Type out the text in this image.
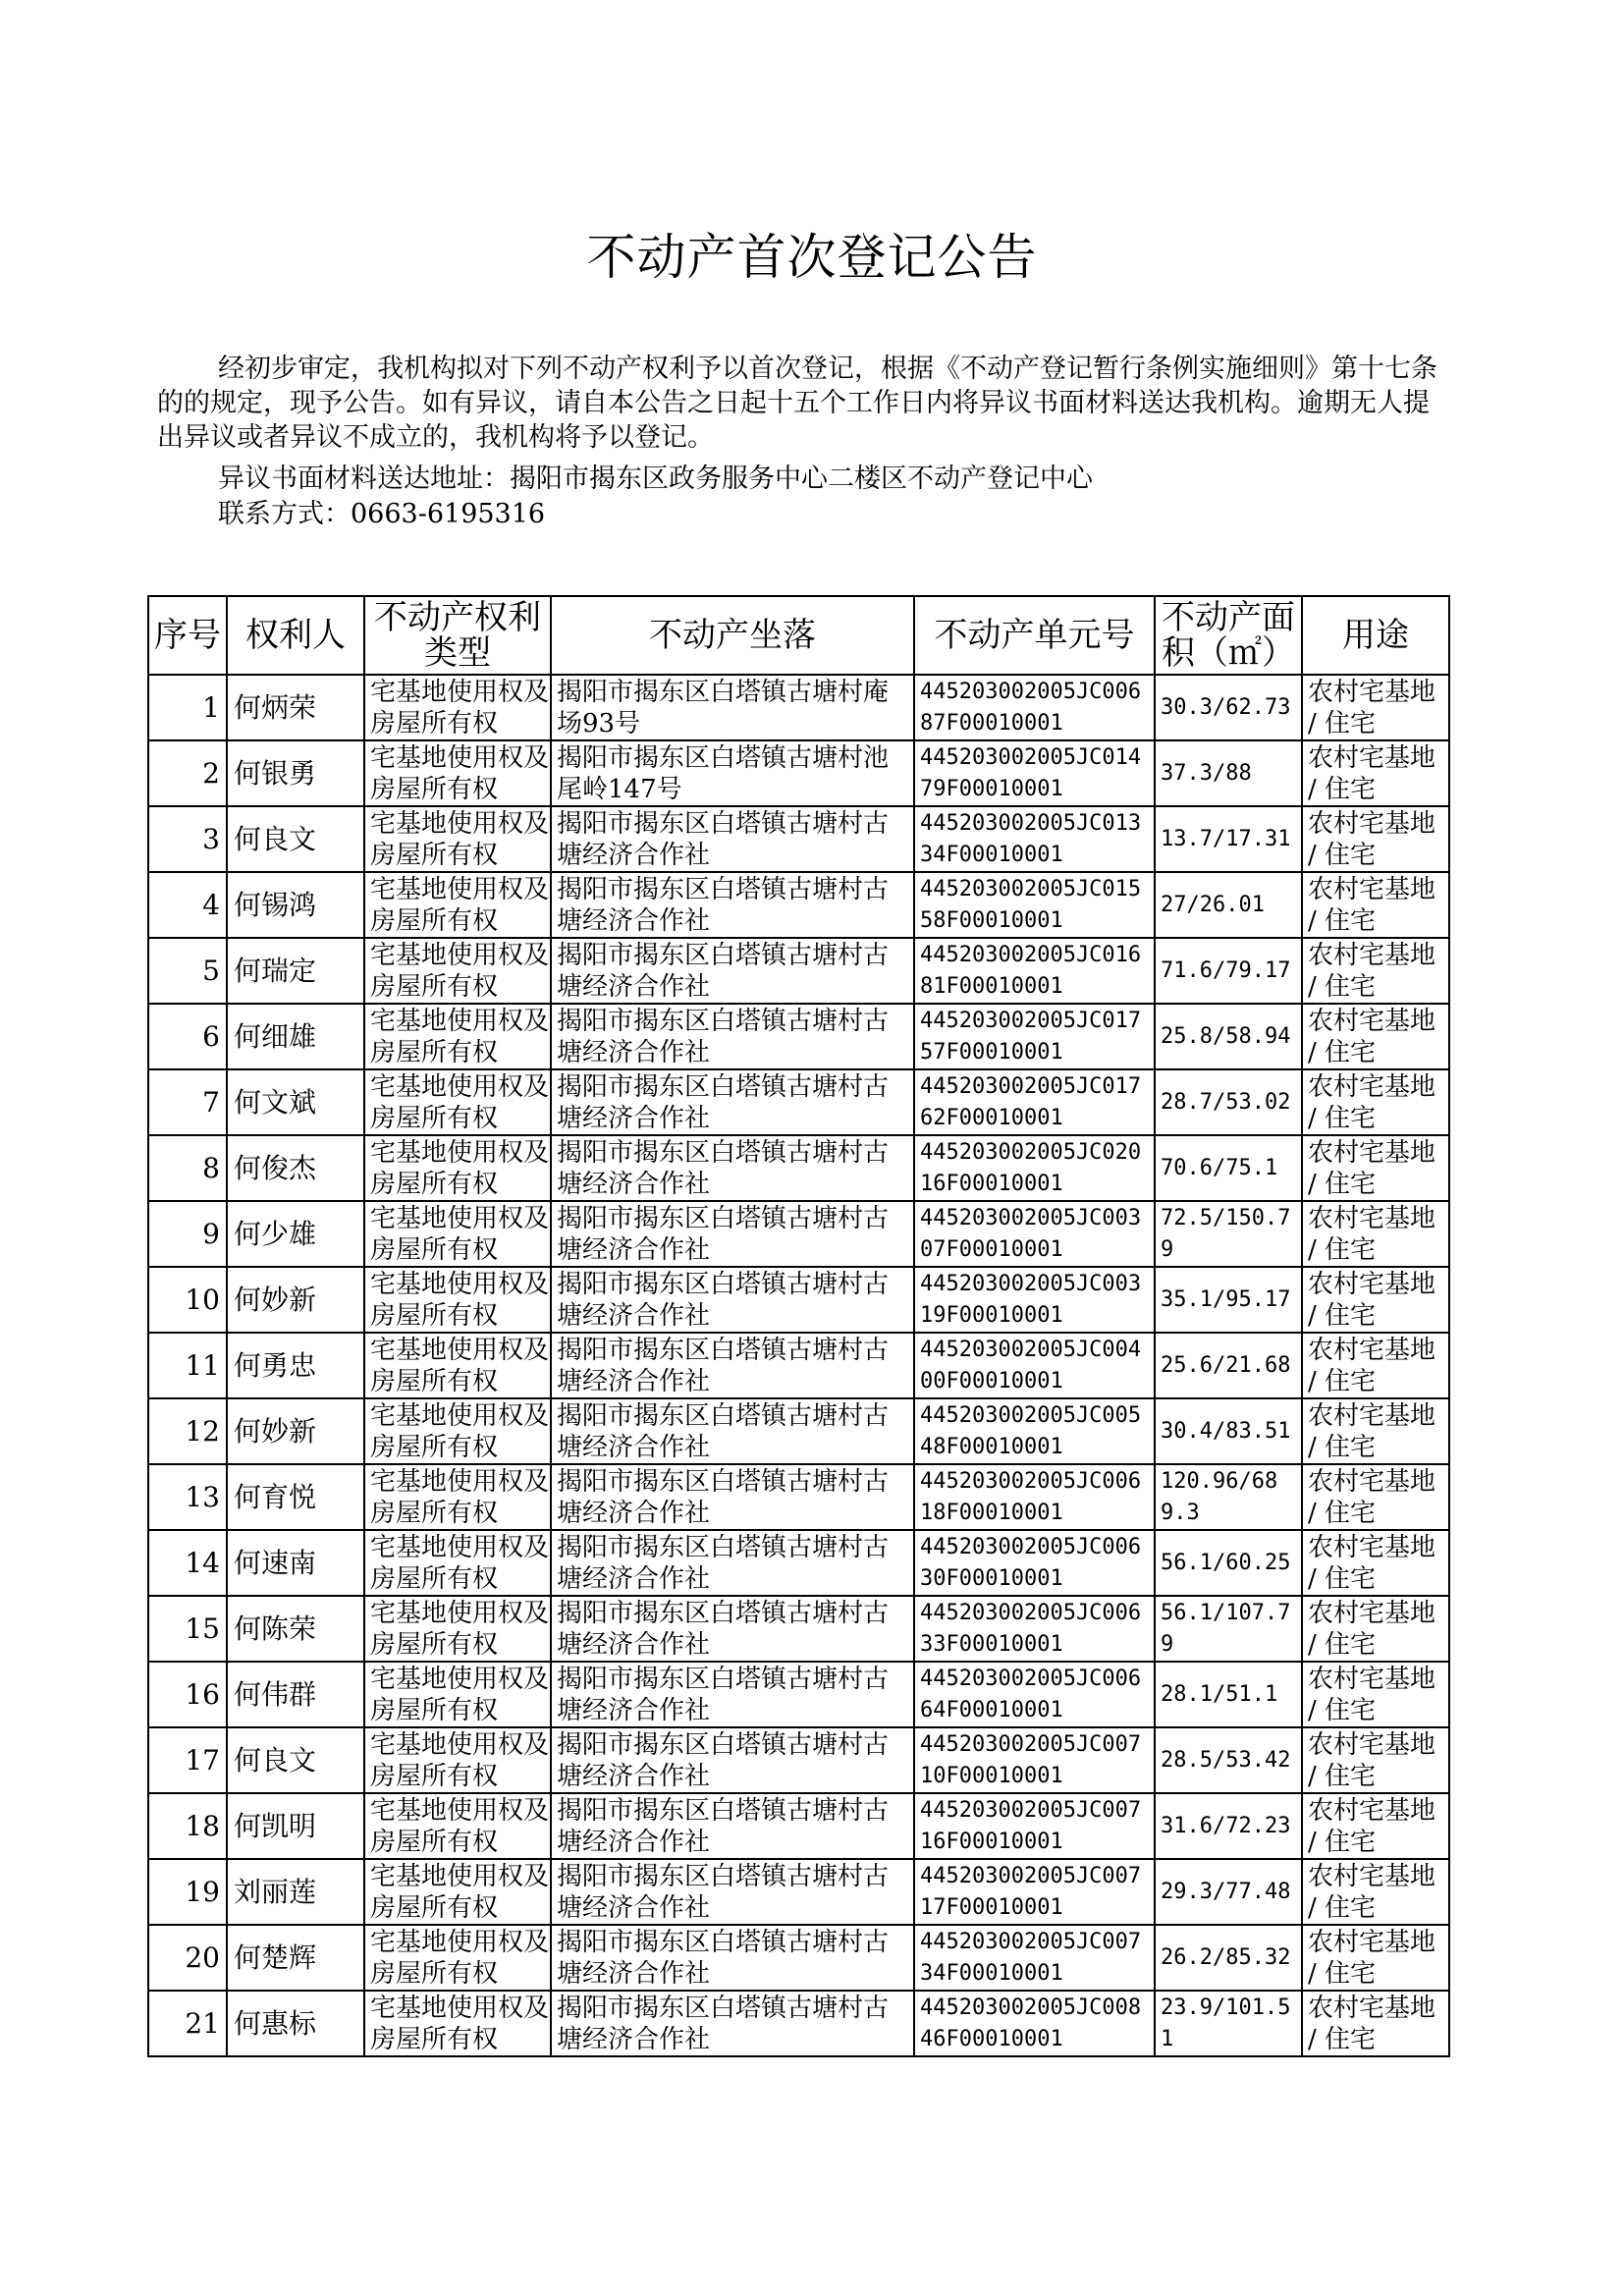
不动产首次登记公告
经初步审定，我机构拟对下列不动产权利予以首次登记，根据《不动产登记暂行条例实施细则》第十七条的的规定，现予公告。如有异议，请自本公告之日起十五个工作日内将异议书面材料送达我机构。逾期无人提出异议或者异议不成立的，我机构将予以登记。
异议书面材料送达地址：揭阳市揭东区政务服务中心二楼区不动产登记中心
联系方式：0663-6195316
序号	权利人	不动产权利类型	不动产坐落	不动产单元号	不动产面积（㎡）	用途
1	何炳荣	宅基地使用权及房屋所有权	揭阳市揭东区白塔镇古塘村庵场93号	445203002005JC00687F00010001	30.3/62.73	农村宅基地 / 住宅
2	何银勇	宅基地使用权及房屋所有权	揭阳市揭东区白塔镇古塘村池尾岭147号	445203002005JC01479F00010001	37.3/88	农村宅基地 / 住宅
3	何良文	宅基地使用权及房屋所有权	揭阳市揭东区白塔镇古塘村古塘经济合作社	445203002005JC01334F00010001	13.7/17.31	农村宅基地 / 住宅
4	何锡鸿	宅基地使用权及房屋所有权	揭阳市揭东区白塔镇古塘村古塘经济合作社	445203002005JC01558F00010001	27/26.01	农村宅基地 / 住宅
5	何瑞定	宅基地使用权及房屋所有权	揭阳市揭东区白塔镇古塘村古塘经济合作社	445203002005JC01681F00010001	71.6/79.17	农村宅基地 / 住宅
6	何细雄	宅基地使用权及房屋所有权	揭阳市揭东区白塔镇古塘村古塘经济合作社	445203002005JC01757F00010001	25.8/58.94	农村宅基地 / 住宅
7	何文斌	宅基地使用权及房屋所有权	揭阳市揭东区白塔镇古塘村古塘经济合作社	445203002005JC01762F00010001	28.7/53.02	农村宅基地 / 住宅
8	何俊杰	宅基地使用权及房屋所有权	揭阳市揭东区白塔镇古塘村古塘经济合作社	445203002005JC02016F00010001	70.6/75.1	农村宅基地 / 住宅
9	何少雄	宅基地使用权及房屋所有权	揭阳市揭东区白塔镇古塘村古塘经济合作社	445203002005JC00307F00010001	72.5/150.79	农村宅基地 / 住宅
10	何妙新	宅基地使用权及房屋所有权	揭阳市揭东区白塔镇古塘村古塘经济合作社	445203002005JC00319F00010001	35.1/95.17	农村宅基地 / 住宅
11	何勇忠	宅基地使用权及房屋所有权	揭阳市揭东区白塔镇古塘村古塘经济合作社	445203002005JC00400F00010001	25.6/21.68	农村宅基地 / 住宅
12	何妙新	宅基地使用权及房屋所有权	揭阳市揭东区白塔镇古塘村古塘经济合作社	445203002005JC00548F00010001	30.4/83.51	农村宅基地 / 住宅
13	何育悦	宅基地使用权及房屋所有权	揭阳市揭东区白塔镇古塘村古塘经济合作社	445203002005JC00618F00010001	120.96/689.3	农村宅基地 / 住宅
14	何速南	宅基地使用权及房屋所有权	揭阳市揭东区白塔镇古塘村古塘经济合作社	445203002005JC00630F00010001	56.1/60.25	农村宅基地 / 住宅
15	何陈荣	宅基地使用权及房屋所有权	揭阳市揭东区白塔镇古塘村古塘经济合作社	445203002005JC00633F00010001	56.1/107.79	农村宅基地 / 住宅
16	何伟群	宅基地使用权及房屋所有权	揭阳市揭东区白塔镇古塘村古塘经济合作社	445203002005JC00664F00010001	28.1/51.1	农村宅基地 / 住宅
17	何良文	宅基地使用权及房屋所有权	揭阳市揭东区白塔镇古塘村古塘经济合作社	445203002005JC00710F00010001	28.5/53.42	农村宅基地 / 住宅
18	何凯明	宅基地使用权及房屋所有权	揭阳市揭东区白塔镇古塘村古塘经济合作社	445203002005JC00716F00010001	31.6/72.23	农村宅基地 / 住宅
19	刘丽莲	宅基地使用权及房屋所有权	揭阳市揭东区白塔镇古塘村古塘经济合作社	445203002005JC00717F00010001	29.3/77.48	农村宅基地 / 住宅
20	何楚辉	宅基地使用权及房屋所有权	揭阳市揭东区白塔镇古塘村古塘经济合作社	445203002005JC00734F00010001	26.2/85.32	农村宅基地 / 住宅
21	何惠标	宅基地使用权及房屋所有权	揭阳市揭东区白塔镇古塘村古塘经济合作社	445203002005JC00846F00010001	23.9/101.51	农村宅基地 / 住宅
